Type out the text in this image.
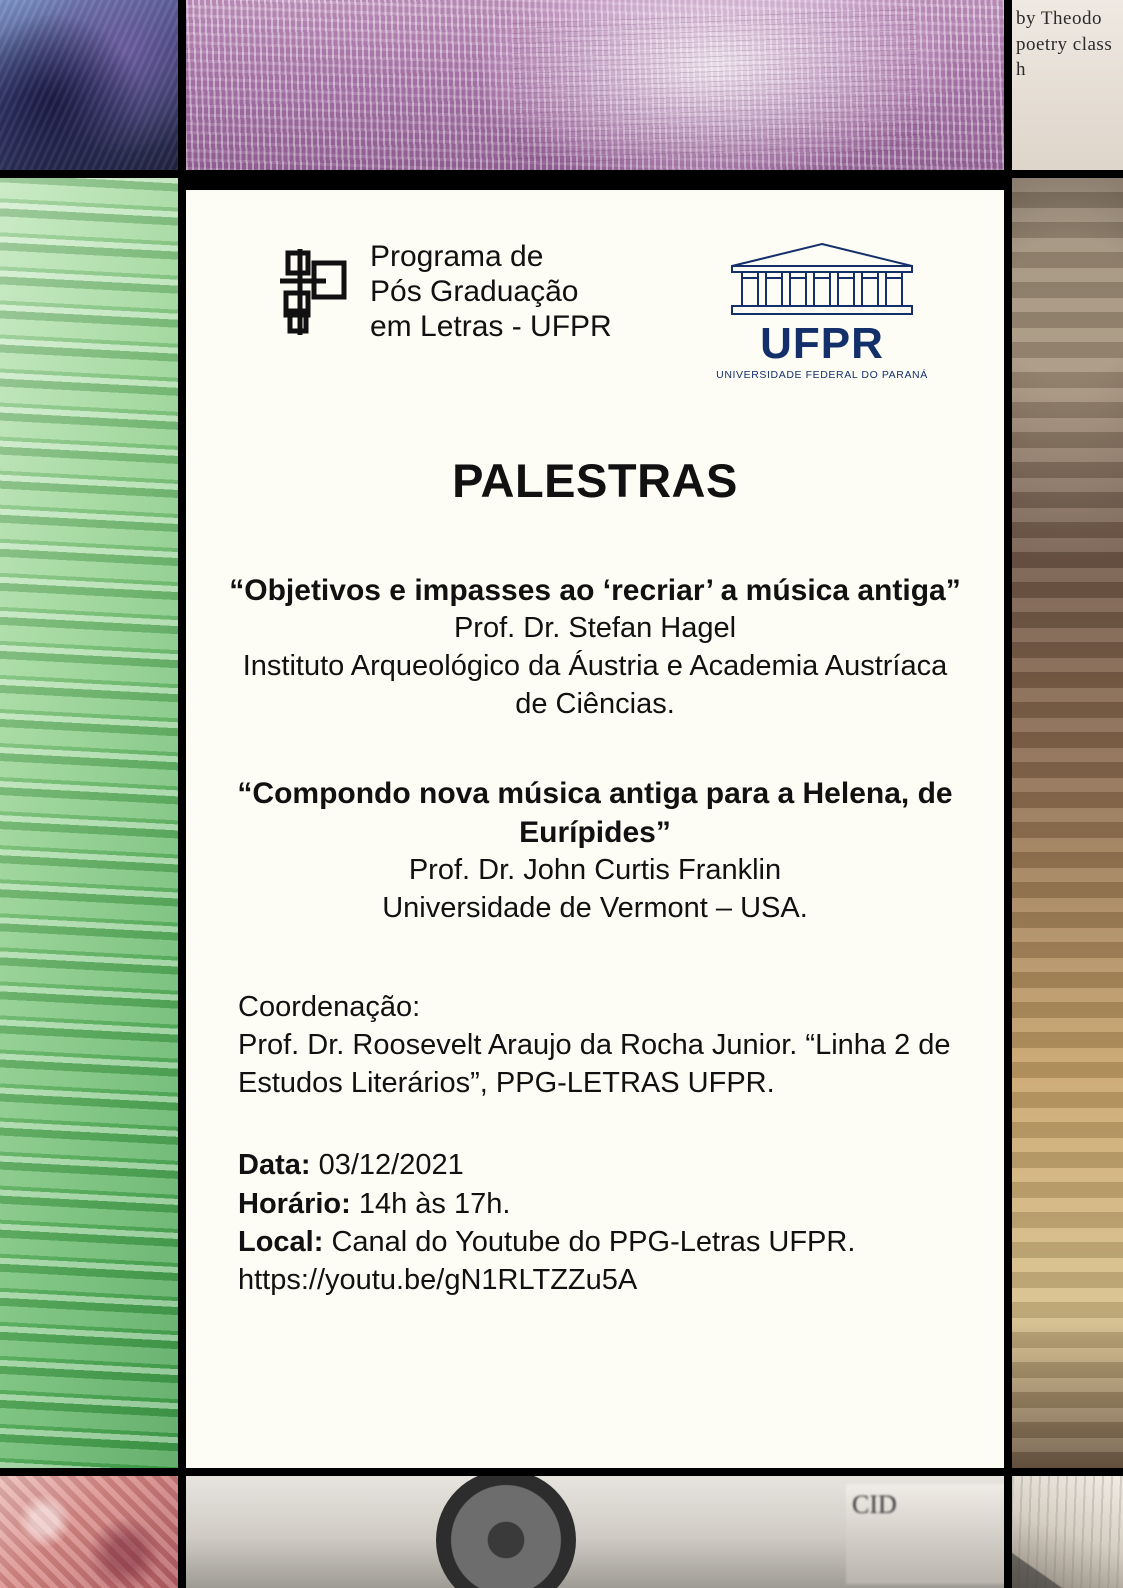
by Theodo poetry class h
CID
Programa de
Pós Graduação
em Letras - UFPR	UFPR
UNIVERSIDADE FEDERAL DO PARANÁ
PALESTRAS
“Objetivos e impasses ao ‘recriar’ a música antiga”
Prof. Dr. Stefan Hagel
Instituto Arqueológico da Áustria e Academia Austríaca de Ciências.
“Compondo nova música antiga para a Helena, de Eurípides”
Prof. Dr. John Curtis Franklin
Universidade de Vermont – USA.
Coordenação:
Prof. Dr. Roosevelt Araujo da Rocha Junior. “Linha 2 de Estudos Literários”, PPG-LETRAS UFPR.
Data: 03/12/2021
Horário: 14h às 17h.
Local: Canal do Youtube do PPG-Letras UFPR.
https://youtu.be/gN1RLTZZu5A
